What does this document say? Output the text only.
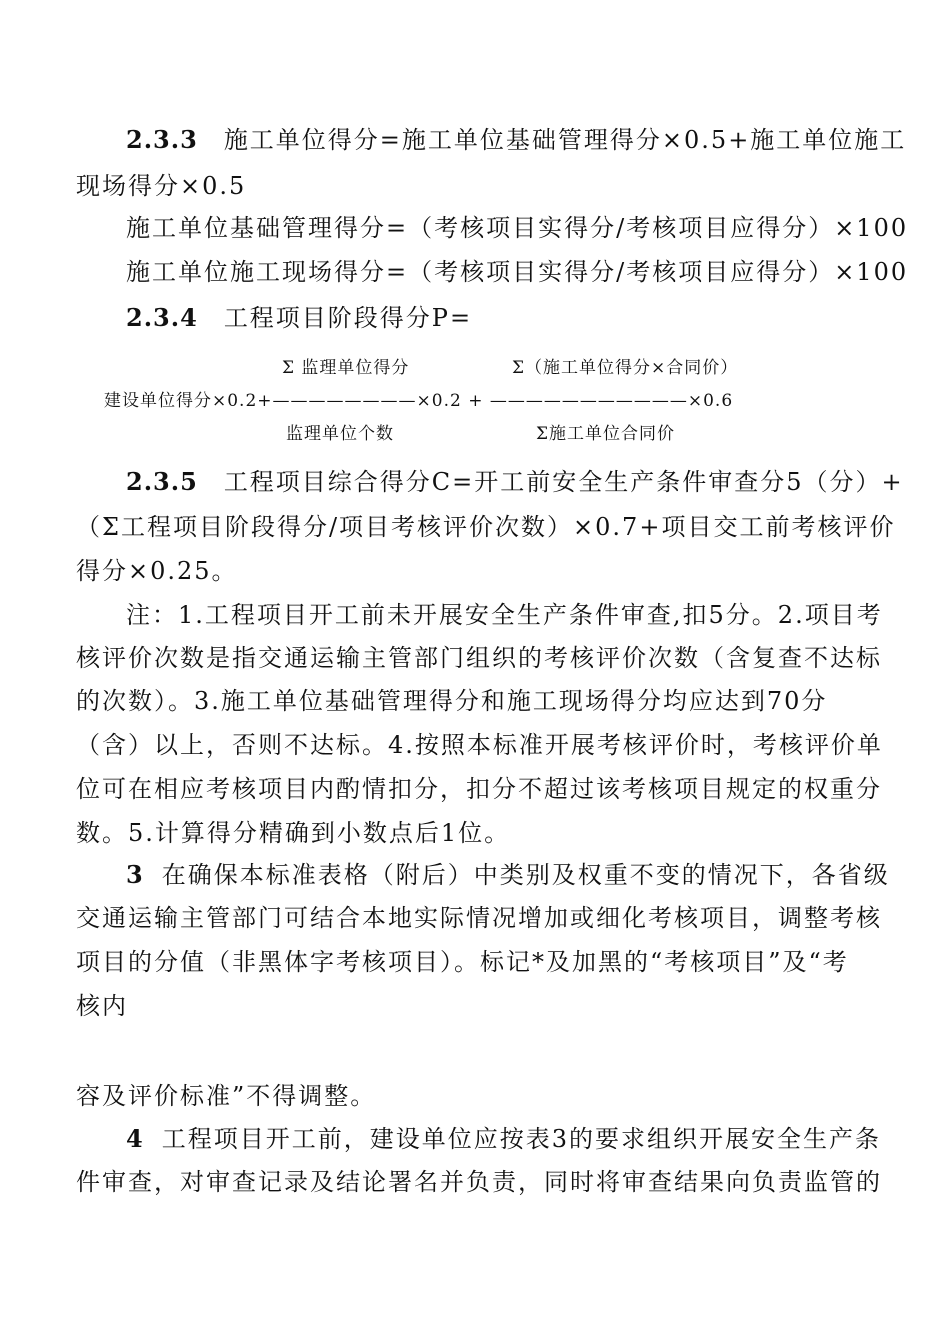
2.3.3 施工单位得分=施工单位基础管理得分×0.5+施工单位施工
现场得分×0.5
施工单位基础管理得分=（考核项目实得分/考核项目应得分）×100
施工单位施工现场得分=（考核项目实得分/考核项目应得分）×100
2.3.4 工程项目阶段得分P=
Σ 监理单位得分	Σ（施工单位得分×合同价）
建设单位得分×0.2+————————×0.2 + ———————————×0.6
监理单位个数	Σ施工单位合同价
2.3.5 工程项目综合得分C=开工前安全生产条件审查分5（分）+
（Σ工程项目阶段得分/项目考核评价次数）×0.7+项目交工前考核评价
得分×0.25。
注：1.工程项目开工前未开展安全生产条件审查,扣5分。2.项目考
核评价次数是指交通运输主管部门组织的考核评价次数（含复查不达标
的次数）。3.施工单位基础管理得分和施工现场得分均应达到70分
（含）以上，否则不达标。4.按照本标准开展考核评价时，考核评价单
位可在相应考核项目内酌情扣分，扣分不超过该考核项目规定的权重分
数。5.计算得分精确到小数点后1位。
3 在确保本标准表格（附后）中类别及权重不变的情况下，各省级
交通运输主管部门可结合本地实际情况增加或细化考核项目，调整考核
项目的分值（非黑体字考核项目）。标记*及加黑的“考核项目”及“考
核内
容及评价标准”不得调整。
4 工程项目开工前，建设单位应按表3的要求组织开展安全生产条
件审查，对审查记录及结论署名并负责，同时将审查结果向负责监管的
